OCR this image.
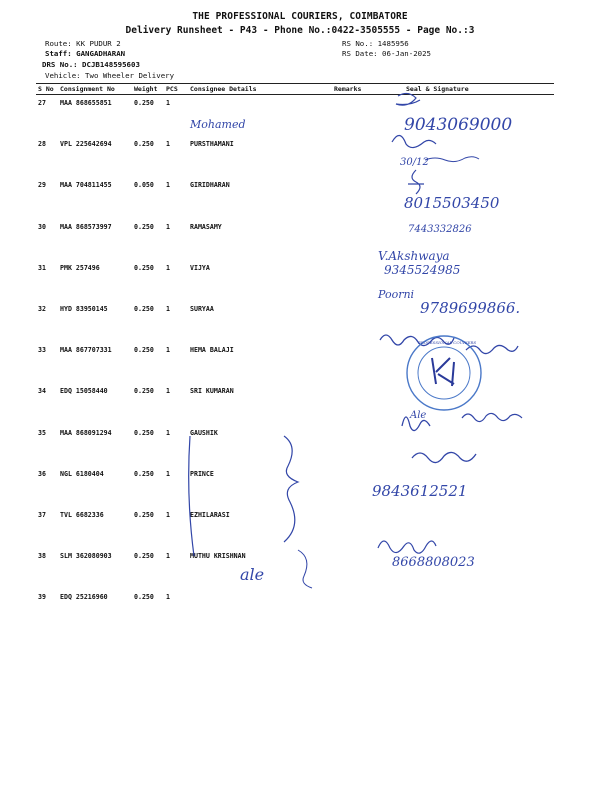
THE PROFESSIONAL COURIERS, COIMBATORE
Delivery Runsheet - P43 - Phone No.:0422-3505555 - Page No.:3
Route: KK PUDUR 2
Staff: GANGADHARAN
DRS No.: DCJB148595603
Vehicle: Two Wheeler Delivery
RS No.: 1485956
RS Date: 06-Jan-2025
S No	Consignment No	Weight	PCS	Consignee Details	Remarks	Seal & Signature
27	MAA 868655851	0.250	1			
28	VPL 225642694	0.250	1	PURSTHAMANI		
29	MAA 704811455	0.050	1	GIRIDHARAN		
30	MAA 868573997	0.250	1	RAMASAMY		
31	PMK 257496	0.250	1	VIJYA		
32	HYD 83950145	0.250	1	SURYAA		
33	MAA 867707331	0.250	1	HEMA BALAJI		
34	EDQ 15058440	0.250	1	SRI KUMARAN		
35	MAA 868091294	0.250	1	GAUSHIK		
36	NGL 6180404	0.250	1	PRINCE		
37	TVL 6682336	0.250	1	EZHILARASI		
38	SLM 362080903	0.250	1	MUTHU KRISHNAN		
39	EDQ 25216960	0.250	1			
Mohamed	9043069000
30/12
8015503450
7443332826
V.Akshwaya
9345524985
Poorni
9789699866.
PROFESSIONAL COURIERS
Ale
9843612521
8668808023
ale
